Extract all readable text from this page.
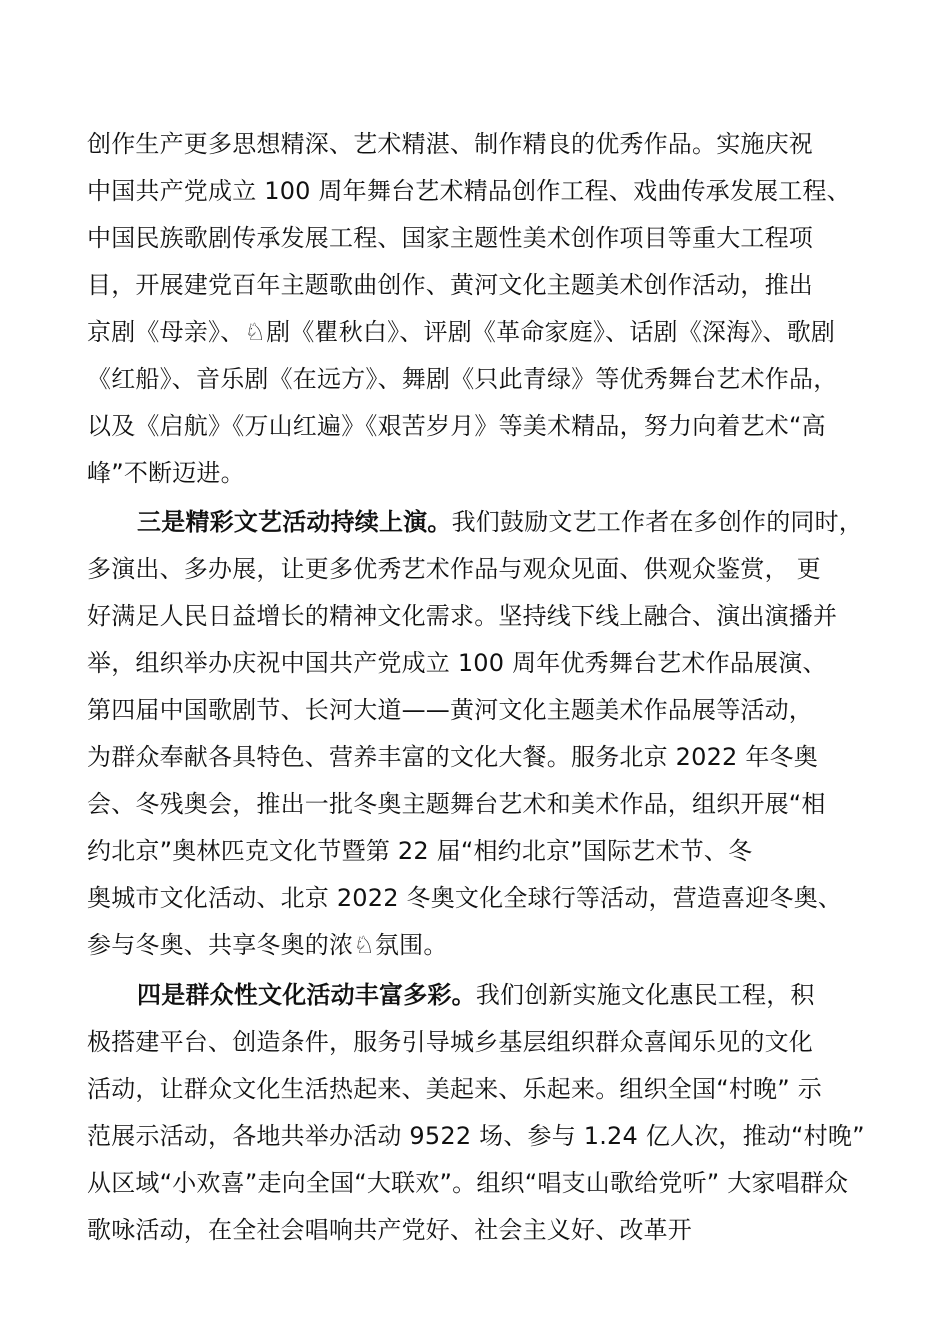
创作生产更多思想精深、艺术精湛、制作精良的优秀作品。实施庆祝
中国共产党成立 100 周年舞台艺术精品创作工程、戏曲传承发展工程、
中国民族歌剧传承发展工程、国家主题性美术创作项目等重大工程项
目，开展建党百年主题歌曲创作、黄河文化主题美术创作活动，推出
京剧《母亲》、♘剧《瞿秋白》、评剧《革命家庭》、话剧《深海》、歌剧
《红船》、音乐剧《在远方》、舞剧《只此青绿》等优秀舞台艺术作品，
以及《启航》《万山红遍》《艰苦岁月》等美术精品，努力向着艺术“高
峰”不断迈进。
三是精彩文艺活动持续上演。我们鼓励文艺工作者在多创作的同时，
多演出、多办展，让更多优秀艺术作品与观众见面、供观众鉴赏， 更
好满足人民日益增长的精神文化需求。坚持线下线上融合、演出演播并
举，组织举办庆祝中国共产党成立 100 周年优秀舞台艺术作品展演、
第四届中国歌剧节、长河大道——黄河文化主题美术作品展等活动，
为群众奉献各具特色、营养丰富的文化大餐。服务北京 2022 年冬奥
会、冬残奥会，推出一批冬奥主题舞台艺术和美术作品，组织开展“相
约北京”奥林匹克文化节暨第 22 届“相约北京”国际艺术节、冬
奥城市文化活动、北京 2022 冬奥文化全球行等活动，营造喜迎冬奥、
参与冬奥、共享冬奥的浓♘氛围。
四是群众性文化活动丰富多彩。我们创新实施文化惠民工程，积
极搭建平台、创造条件，服务引导城乡基层组织群众喜闻乐见的文化
活动，让群众文化生活热起来、美起来、乐起来。组织全国“村晚” 示
范展示活动，各地共举办活动 9522 场、参与 1.24 亿人次，推动“村晚”
从区域“小欢喜”走向全国“大联欢”。组织“唱支山歌给党听” 大家唱群众
歌咏活动，在全社会唱响共产党好、社会主义好、改革开
